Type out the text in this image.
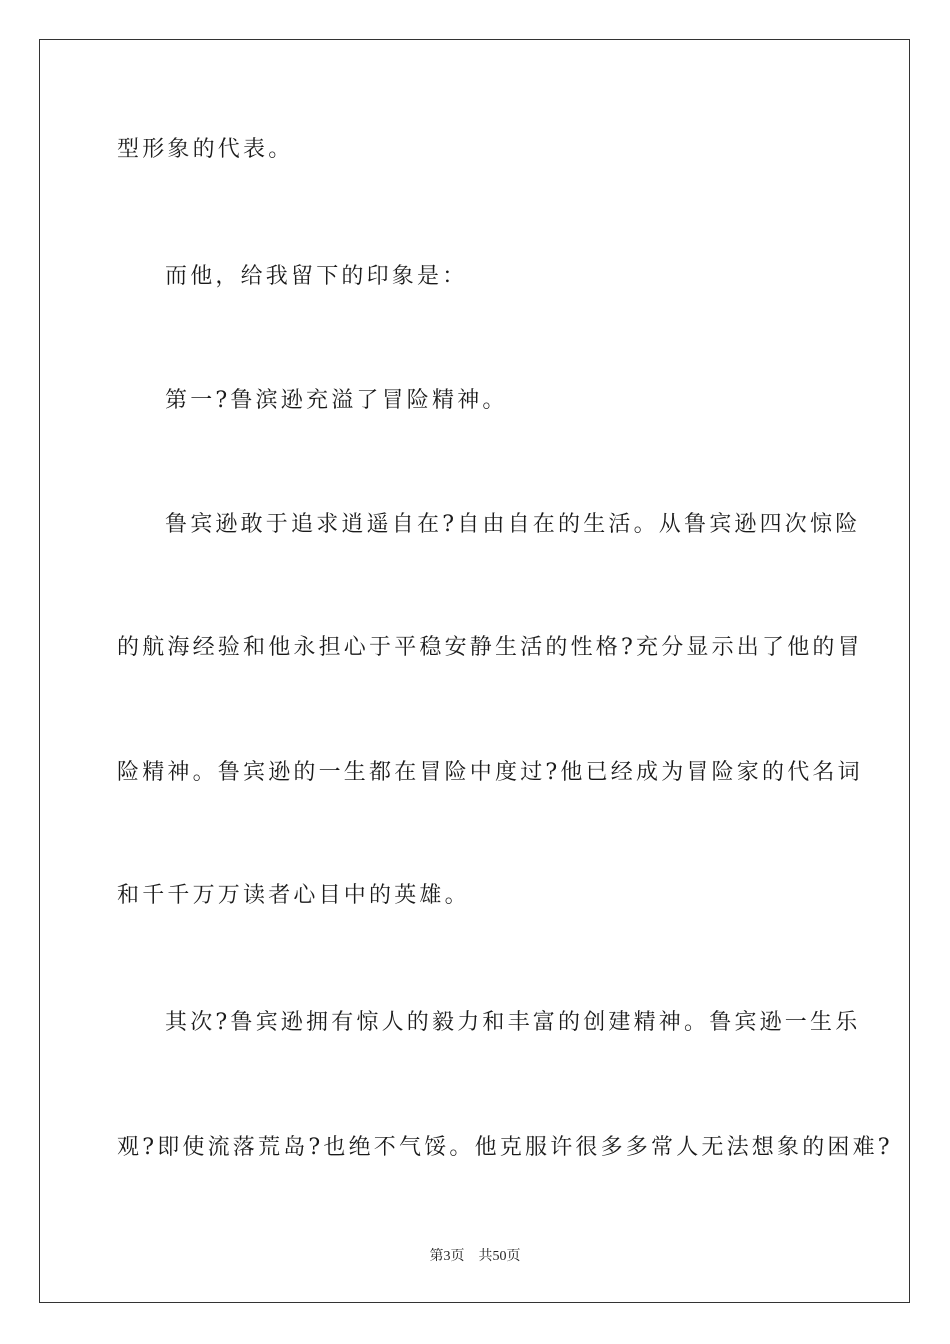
型形象的代表。
而他，给我留下的印象是：
第一?鲁滨逊充溢了冒险精神。
鲁宾逊敢于追求逍遥自在?自由自在的生活。从鲁宾逊四次惊险
的航海经验和他永担心于平稳安静生活的性格?充分显示出了他的冒
险精神。鲁宾逊的一生都在冒险中度过?他已经成为冒险家的代名词
和千千万万读者心目中的英雄。
其次?鲁宾逊拥有惊人的毅力和丰富的创建精神。鲁宾逊一生乐
观?即使流落荒岛?也绝不气馁。他克服许很多多常人无法想象的困难?
第3页 共50页
